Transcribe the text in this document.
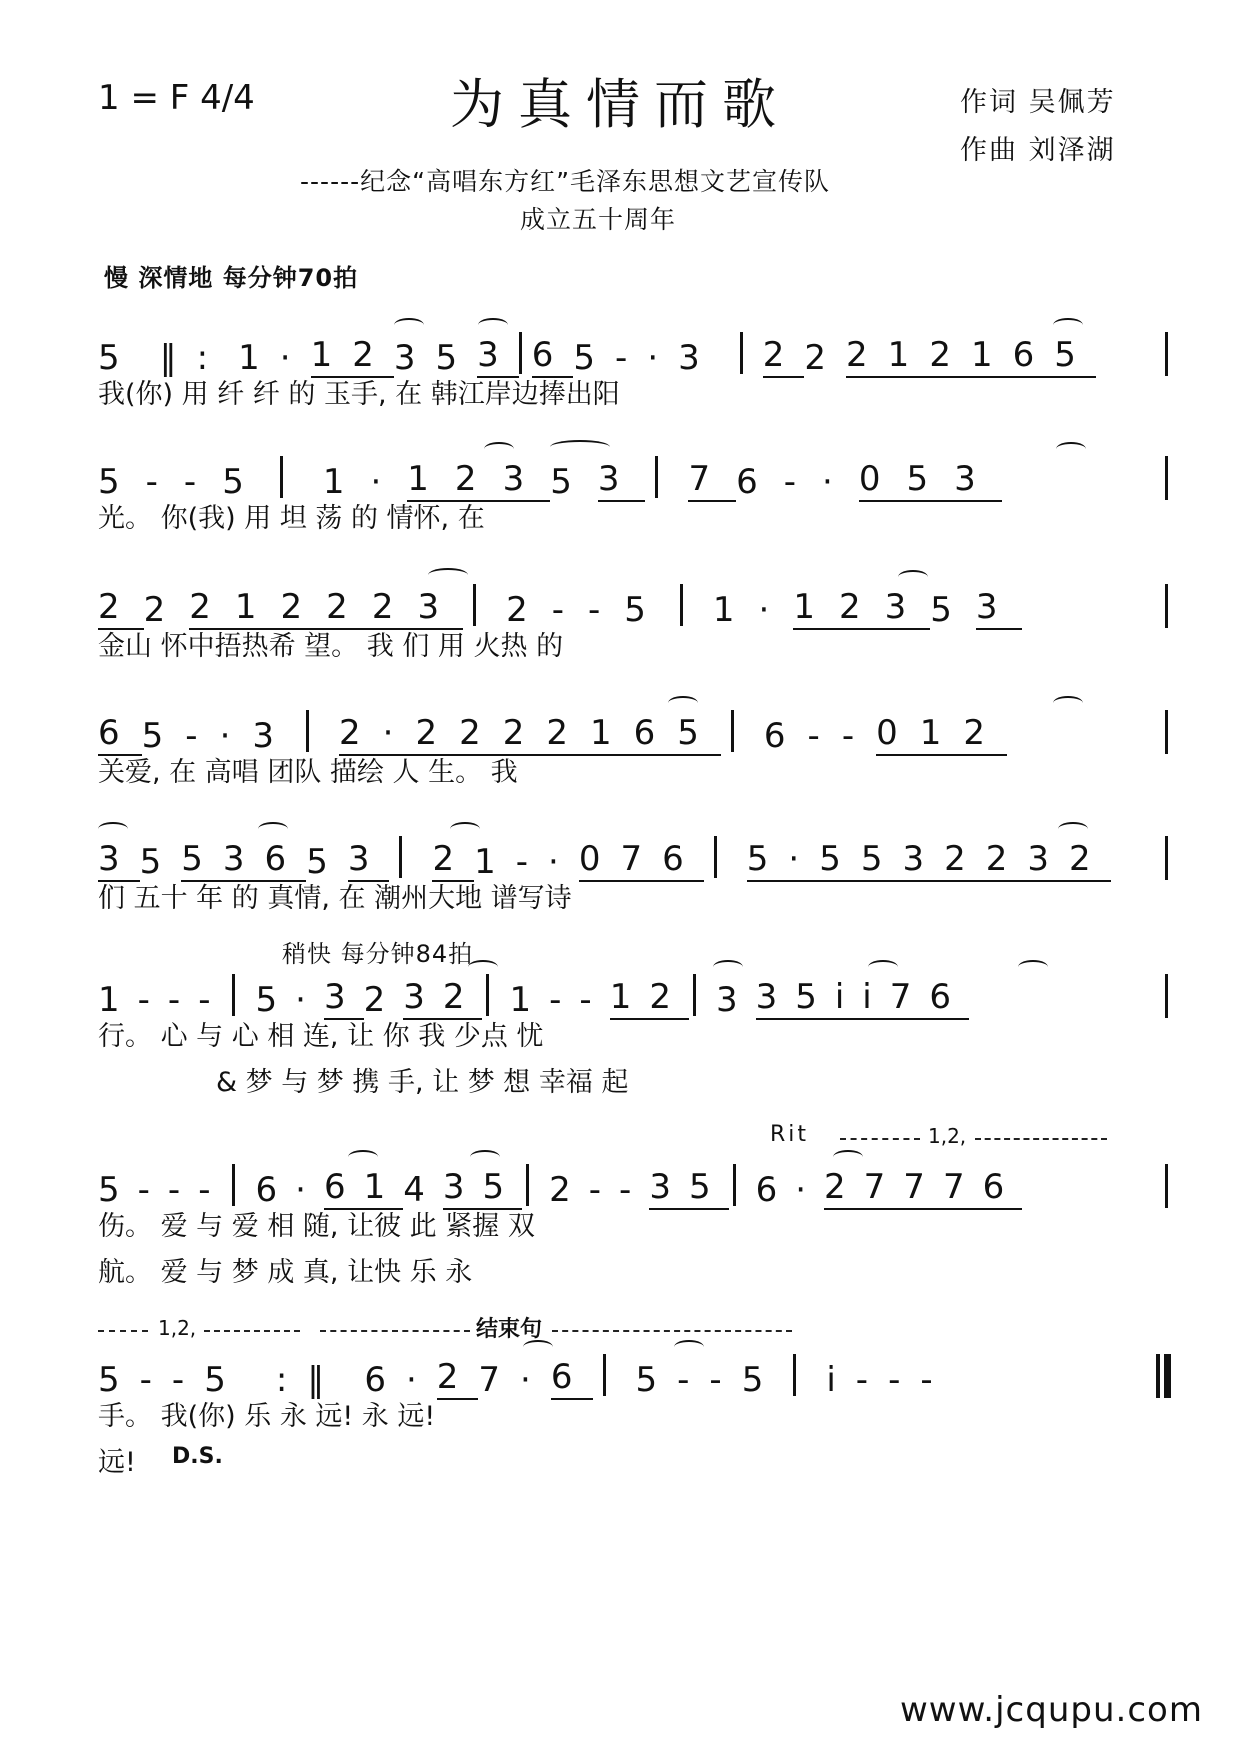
1 = F 4/4	为真情而歌	作词 吴佩芳
作曲 刘泽湖
------纪念“高唱东方红”毛泽东思想文艺宣传队
成立五十周年
慢 深情地 每分钟70拍
5 ‖: 1· 12 3 5 3 6 5 - ·3 2 2 21 21 65
我(你) 用 纤 纤 的 玉手, 在 韩江岸边捧出阳
5 - - 5 1· 12 3 5 3 7 6 - · 0 53
光。 你(我) 用 坦 荡 的 情怀, 在
2 2 21 22 23 2 - - 5 1· 12 3 5 3
金山 怀中捂热希 望。 我 们 用 火热 的
6 5 - · 3 2·2 22 21 65 6 - - 0 12
关爱, 在 高唱 团队 描绘 人 生。 我
3 5 53 6 5 3 2 1 - · 0 76 5·5 53 22 32
们 五十 年 的 真情, 在 潮州大地 谱写诗
稍快 每分钟84拍
1 - - - 5· 3 2 32 1 - - 12 3 35 ii 76
行。 心 与 心 相 连, 让 你 我 少点 忧
& 梦 与 梦 携 手, 让 梦 想 幸福 起
Rit	1,2,
5 - - - 6· 61 4 35 2 - - 35 6· 2 77 76
伤。 爱 与 爱 相 随, 让彼 此 紧握 双
航。 爱 与 梦 成 真, 让快 乐 永
1,2,	结束句
5 - - 5 :‖ 6· 2 7· 6 5 - - 5 i - - -
手。 我(你) 乐 永 远! 永 远!
远! D.S.
www.jcqupu.com
